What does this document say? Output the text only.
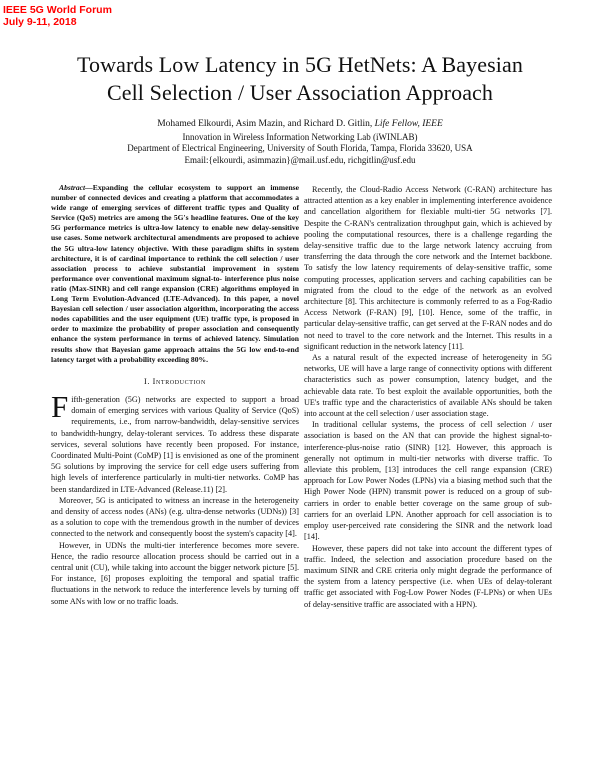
IEEE 5G World Forum
July 9-11, 2018
Towards Low Latency in 5G HetNets: A Bayesian
Cell Selection / User Association Approach
Mohamed Elkourdi, Asim Mazin, and Richard D. Gitlin, Life Fellow, IEEE
Innovation in Wireless Information Networking Lab (iWINLAB)
Department of Electrical Engineering, University of South Florida, Tampa, Florida 33620, USA
Email:{elkourdi, asimmazin}@mail.usf.edu, richgitlin@usf.edu

Abstract—Expanding the cellular ecosystem to support an immense number of connected devices and creating a platform that accommodates a wide range of emerging services of different traffic types and Quality of Service (QoS) metrics are among the 5G's headline features. One of the key 5G performance metrics is ultra-low latency to enable new delay-sensitive use cases. Some network architectural amendments are proposed to achieve the 5G ultra-low latency objective. With these paradigm shifts in system architecture, it is of cardinal importance to rethink the cell selection / user association process to achieve substantial improvement in system performance over conventional maximum signal-to- interference plus noise ratio (Max-SINR) and cell range expansion (CRE) algorithms employed in Long Term Evolution-Advanced (LTE-Advanced). In this paper, a novel Bayesian cell selection / user association algorithm, incorporating the access nodes capabilities and the user equipment (UE) traffic type, is proposed in order to maximize the probability of proper association and consequently enhance the system performance in terms of achieved latency. Simulation results show that Bayesian game approach attains the 5G low end-to-end latency target with a probability exceeding 80%.

I. Introduction

Fifth-generation (5G) networks are expected to support a broad domain of emerging services with various Quality of Service (QoS) requirements, i.e., from narrow-bandwidth, delay-sensitive services to bandwidth-hungry, delay-tolerant services. To address these disparate services, several solutions have recently been proposed. For instance, Coordinated Multi-Point (CoMP) [1] is envisioned as one of the prominent 5G solutions by improving the service for cell edge users suffering from high levels of interference particularly in multi-tier networks. CoMP has been standardized in LTE-Advanced (Release.11) [2].

Moreover, 5G is anticipated to witness an increase in the heterogeneity and density of access nodes (ANs) (e.g. ultra-dense networks (UDNs)) [3] as a solution to cope with the tremendous growth in the number of devices connected to the network and consequently boost the system's capacity [4].

However, in UDNs the multi-tier interference becomes more severe. Hence, the radio resource allocation process should be carried out in a central unit (CU), while taking into account the bigger network picture [5]. For instance, [6] proposes exploiting the temporal and spatial traffic fluctuations in the network to reduce the interference levels by turning off some ANs with low or no traffic loads.

Recently, the Cloud-Radio Access Network (C-RAN) architecture has attracted attention as a key enabler in implementing interference avoidence and cancellation algorithem for flexiable multi-tier 5G networks [7]. Despite the C-RAN's centralization throughput gain, which is achieved by pooling the computational resources, there is a challenge regarding the delay-sensitive traffic due to the large network latency accruing from transferring the data through the core network and the Internet backbone. To satisfy the low latency requirements of delay-sensitive traffic, some computing processes, application servers and caching capabilities can be migrated from the cloud to the edge of the network as an evolved architecture [8]. This architecture is commonly referred to as a Fog-Radio Access Network (F-RAN) [9], [10]. Hence, some of the traffic, in particular delay-sensitive traffic, can get served at the F-RAN nodes and do not need to travel to the core network and the Internet. This results in a significant reduction in the network latency [11].

As a natural result of the expected increase of heterogeneity in 5G networks, UE will have a large range of connectivity options with different characteristics such as power consumption, latency budget, and the achievable data rate. To best exploit the available opportunities, both the UE's traffic type and the characteristics of available ANs should be taken into account at the cell selection / user association stage.

In traditional cellular systems, the process of cell selection / user association is based on the AN that can provide the highest signal-to-interference-plus-noise ratio (SINR) [12]. However, this approach is generally not optimum in multi-tier networks with diverse traffic. To alleviate this problem, [13] introduces the cell range expansion (CRE) approach for Low Power Nodes (LPNs) via a biasing method such that the High Power Node (HPN) transmit power is reduced on a group of sub-carriers in order to enable better coverage on the same group of sub-carriers for an overlaid LPN. Another approach for cell association is to employ user-perceived rate considering the SINR and the network load [14].

However, these papers did not take into account the different types of traffic. Indeed, the selection and association procedure based on the maximum SINR and CRE criteria only might degrade the performance of the system from a latency perspective (i.e. when UEs of delay-tolerant traffic get associated with Fog-Low Power Nodes (F-LPNs) or when UEs of delay-sensitive traffic are associated with a HPN).
